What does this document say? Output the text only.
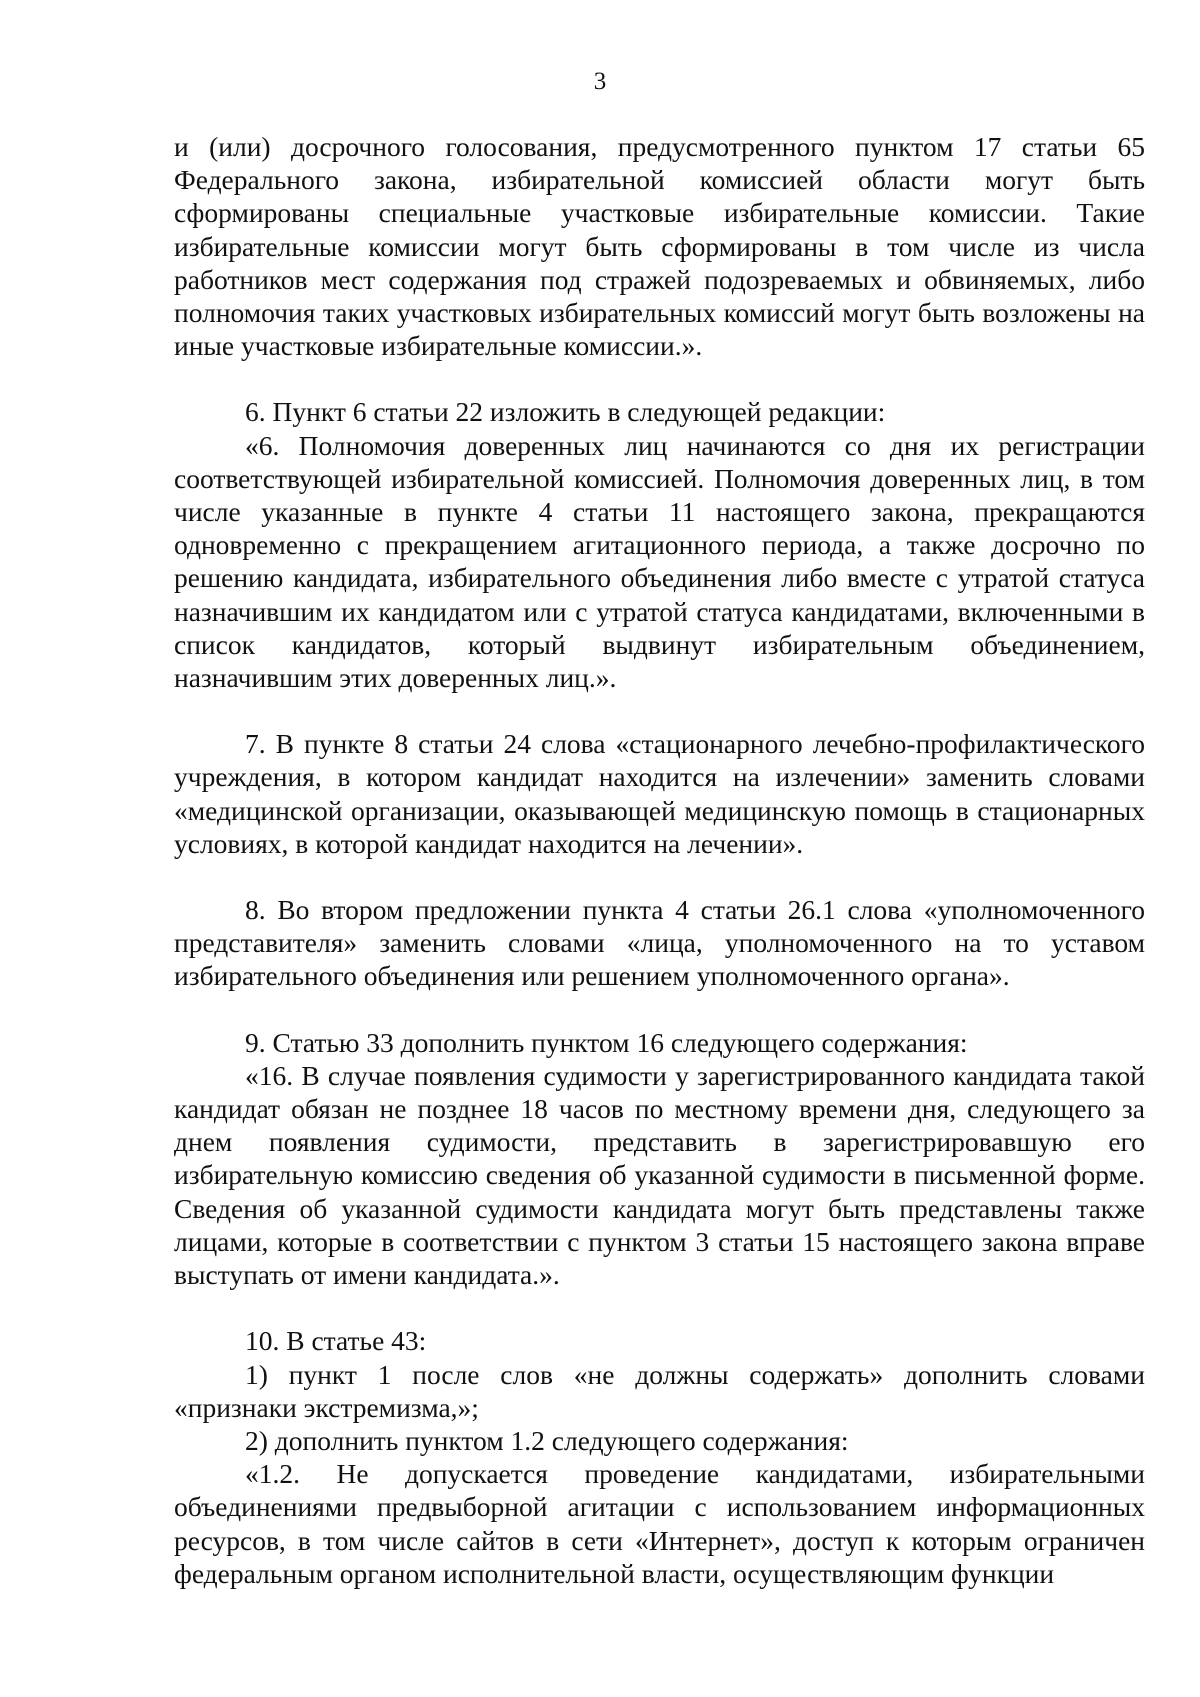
3

и (или) досрочного голосования, предусмотренного пунктом 17 статьи 65 Федерального закона, избирательной комиссией области могут быть сформированы специальные участковые избирательные комиссии. Такие избирательные комиссии могут быть сформированы в том числе из числа работников мест содержания под стражей подозреваемых и обвиняемых, либо полномочия таких участковых избирательных комиссий могут быть возложены на иные участковые избирательные комиссии.».

6. Пункт 6 статьи 22 изложить в следующей редакции:

«6. Полномочия доверенных лиц начинаются со дня их регистрации соответствующей избирательной комиссией. Полномочия доверенных лиц, в том числе указанные в пункте 4 статьи 11 настоящего закона, прекращаются одновременно с прекращением агитационного периода, а также досрочно по решению кандидата, избирательного объединения либо вместе с утратой статуса назначившим их кандидатом или с утратой статуса кандидатами, включенными в список кандидатов, который выдвинут избирательным объединением, назначившим этих доверенных лиц.».

7. В пункте 8 статьи 24 слова «стационарного лечебно-профилактического учреждения, в котором кандидат находится на излечении» заменить словами «медицинской организации, оказывающей медицинскую помощь в стационарных условиях, в которой кандидат находится на лечении».

8. Во втором предложении пункта 4 статьи 26.1 слова «уполномоченного представителя» заменить словами «лица, уполномоченного на то уставом избирательного объединения или решением уполномоченного органа».

9. Статью 33 дополнить пунктом 16 следующего содержания:

«16. В случае появления судимости у зарегистрированного кандидата такой кандидат обязан не позднее 18 часов по местному времени дня, следующего за днем появления судимости, представить в зарегистрировавшую его избирательную комиссию сведения об указанной судимости в письменной форме. Сведения об указанной судимости кандидата могут быть представлены также лицами, которые в соответствии с пунктом 3 статьи 15 настоящего закона вправе выступать от имени кандидата.».

10. В статье 43:

1) пункт 1 после слов «не должны содержать» дополнить словами «признаки экстремизма,»;

2) дополнить пунктом 1.2 следующего содержания:

«1.2. Не допускается проведение кандидатами, избирательными объединениями предвыборной агитации с использованием информационных ресурсов, в том числе сайтов в сети «Интернет», доступ к которым ограничен федеральным органом исполнительной власти, осуществляющим функции
